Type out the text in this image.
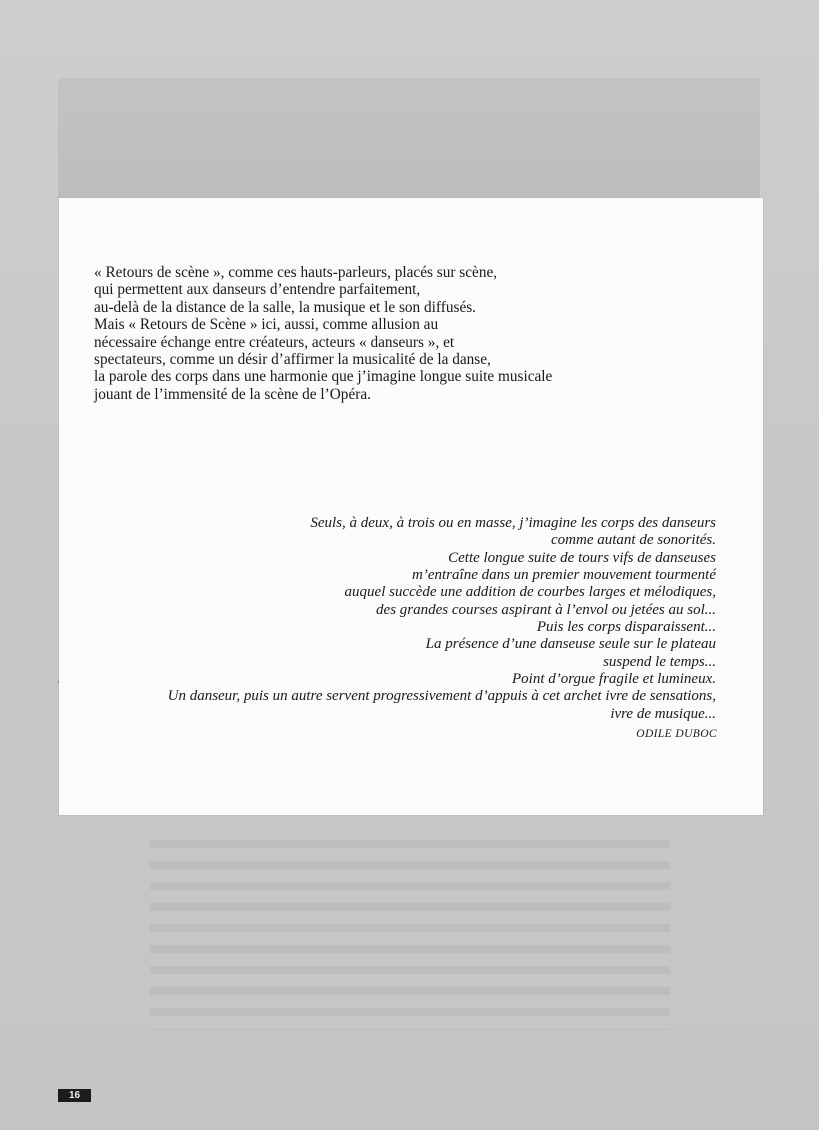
« Retours de scène », comme ces hauts-parleurs, placés sur scène,
qui permettent aux danseurs d’entendre parfaitement,
au-delà de la distance de la salle, la musique et le son diffusés.
Mais « Retours de Scène » ici, aussi, comme allusion au
nécessaire échange entre créateurs, acteurs « danseurs », et
spectateurs, comme un désir d’affirmer la musicalité de la danse,
la parole des corps dans une harmonie que j’imagine longue suite musicale
jouant de l’immensité de la scène de l’Opéra.

Seuls, à deux, à trois ou en masse, j’imagine les corps des danseurs
comme autant de sonorités.
Cette longue suite de tours vifs de danseuses
m’entraîne dans un premier mouvement tourmenté
auquel succède une addition de courbes larges et mélodiques,
des grandes courses aspirant à l’envol ou jetées au sol...
Puis les corps disparaissent...
La présence d’une danseuse seule sur le plateau
suspend le temps...
Point d’orgue fragile et lumineux.
Un danseur, puis un autre servent progressivement d’appuis à cet archet ivre de sensations,
ivre de musique...

ODILE DUBOC

16
